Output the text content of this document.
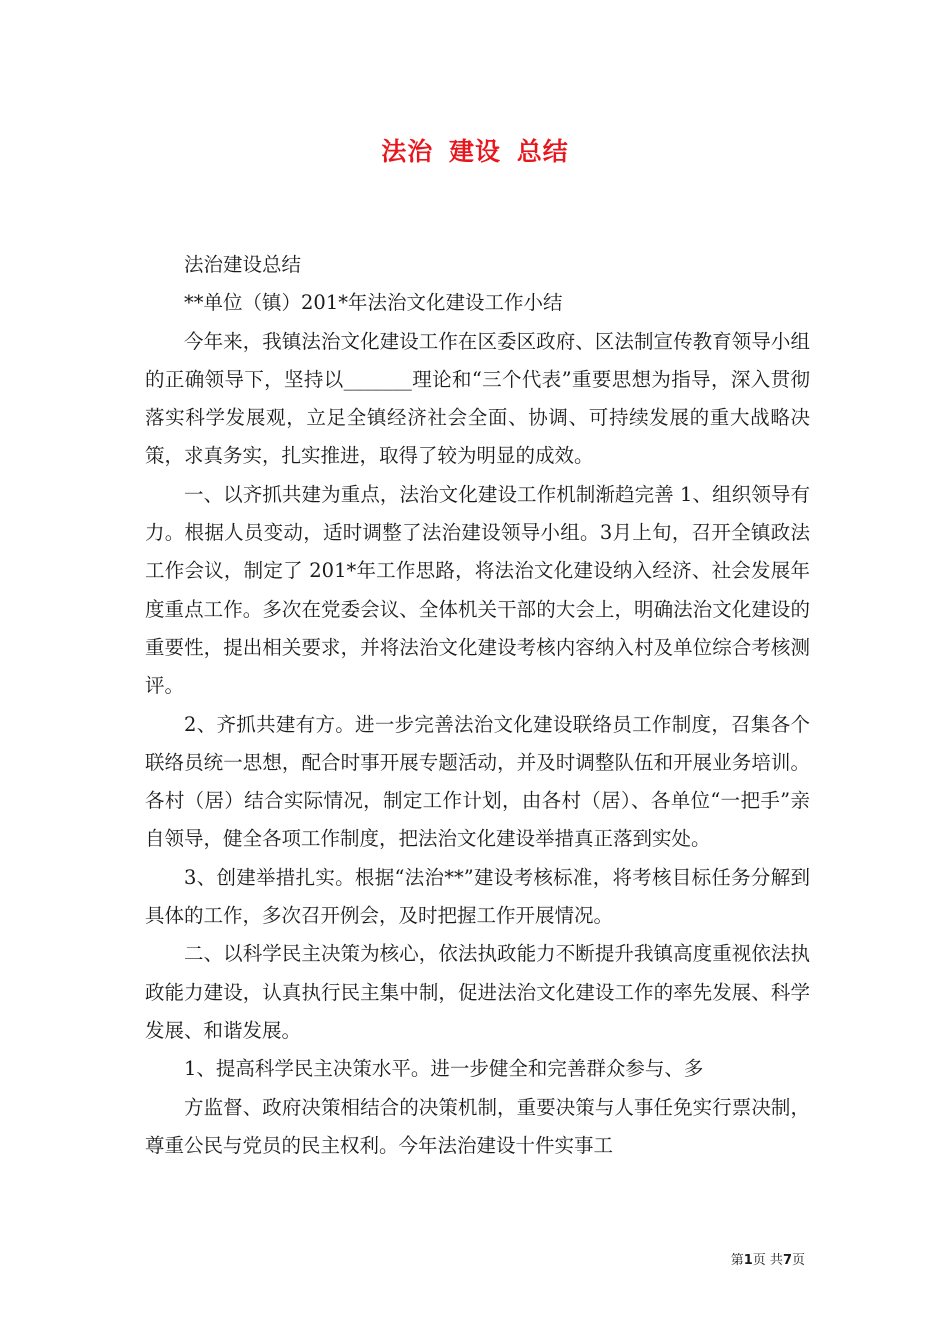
法治 建设 总结

法治建设总结

**单位（镇）201*年法治文化建设工作小结

今年来，我镇法治文化建设工作在区委区政府、区法制宣传教育领导小组的正确领导下，坚持以_______理论和“三个代表”重要思想为指导，深入贯彻落实科学发展观，立足全镇经济社会全面、协调、可持续发展的重大战略决策，求真务实，扎实推进，取得了较为明显的成效。

一、以齐抓共建为重点，法治文化建设工作机制渐趋完善 1、组织领导有力。根据人员变动，适时调整了法治建设领导小组。3月上旬，召开全镇政法工作会议，制定了 201*年工作思路，将法治文化建设纳入经济、社会发展年度重点工作。多次在党委会议、全体机关干部的大会上，明确法治文化建设的重要性，提出相关要求，并将法治文化建设考核内容纳入村及单位综合考核测评。

2、齐抓共建有方。进一步完善法治文化建设联络员工作制度，召集各个联络员统一思想，配合时事开展专题活动，并及时调整队伍和开展业务培训。各村（居）结合实际情况，制定工作计划，由各村（居）、各单位“一把手”亲自领导，健全各项工作制度，把法治文化建设举措真正落到实处。

3、创建举措扎实。根据“法治**”建设考核标准，将考核目标任务分解到具体的工作，多次召开例会，及时把握工作开展情况。

二、以科学民主决策为核心，依法执政能力不断提升我镇高度重视依法执政能力建设，认真执行民主集中制，促进法治文化建设工作的率先发展、科学发展、和谐发展。

1、提高科学民主决策水平。进一步健全和完善群众参与、多

方监督、政府决策相结合的决策机制，重要决策与人事任免实行票决制，尊重公民与党员的民主权利。今年法治建设十件实事工

第1页 共7页
